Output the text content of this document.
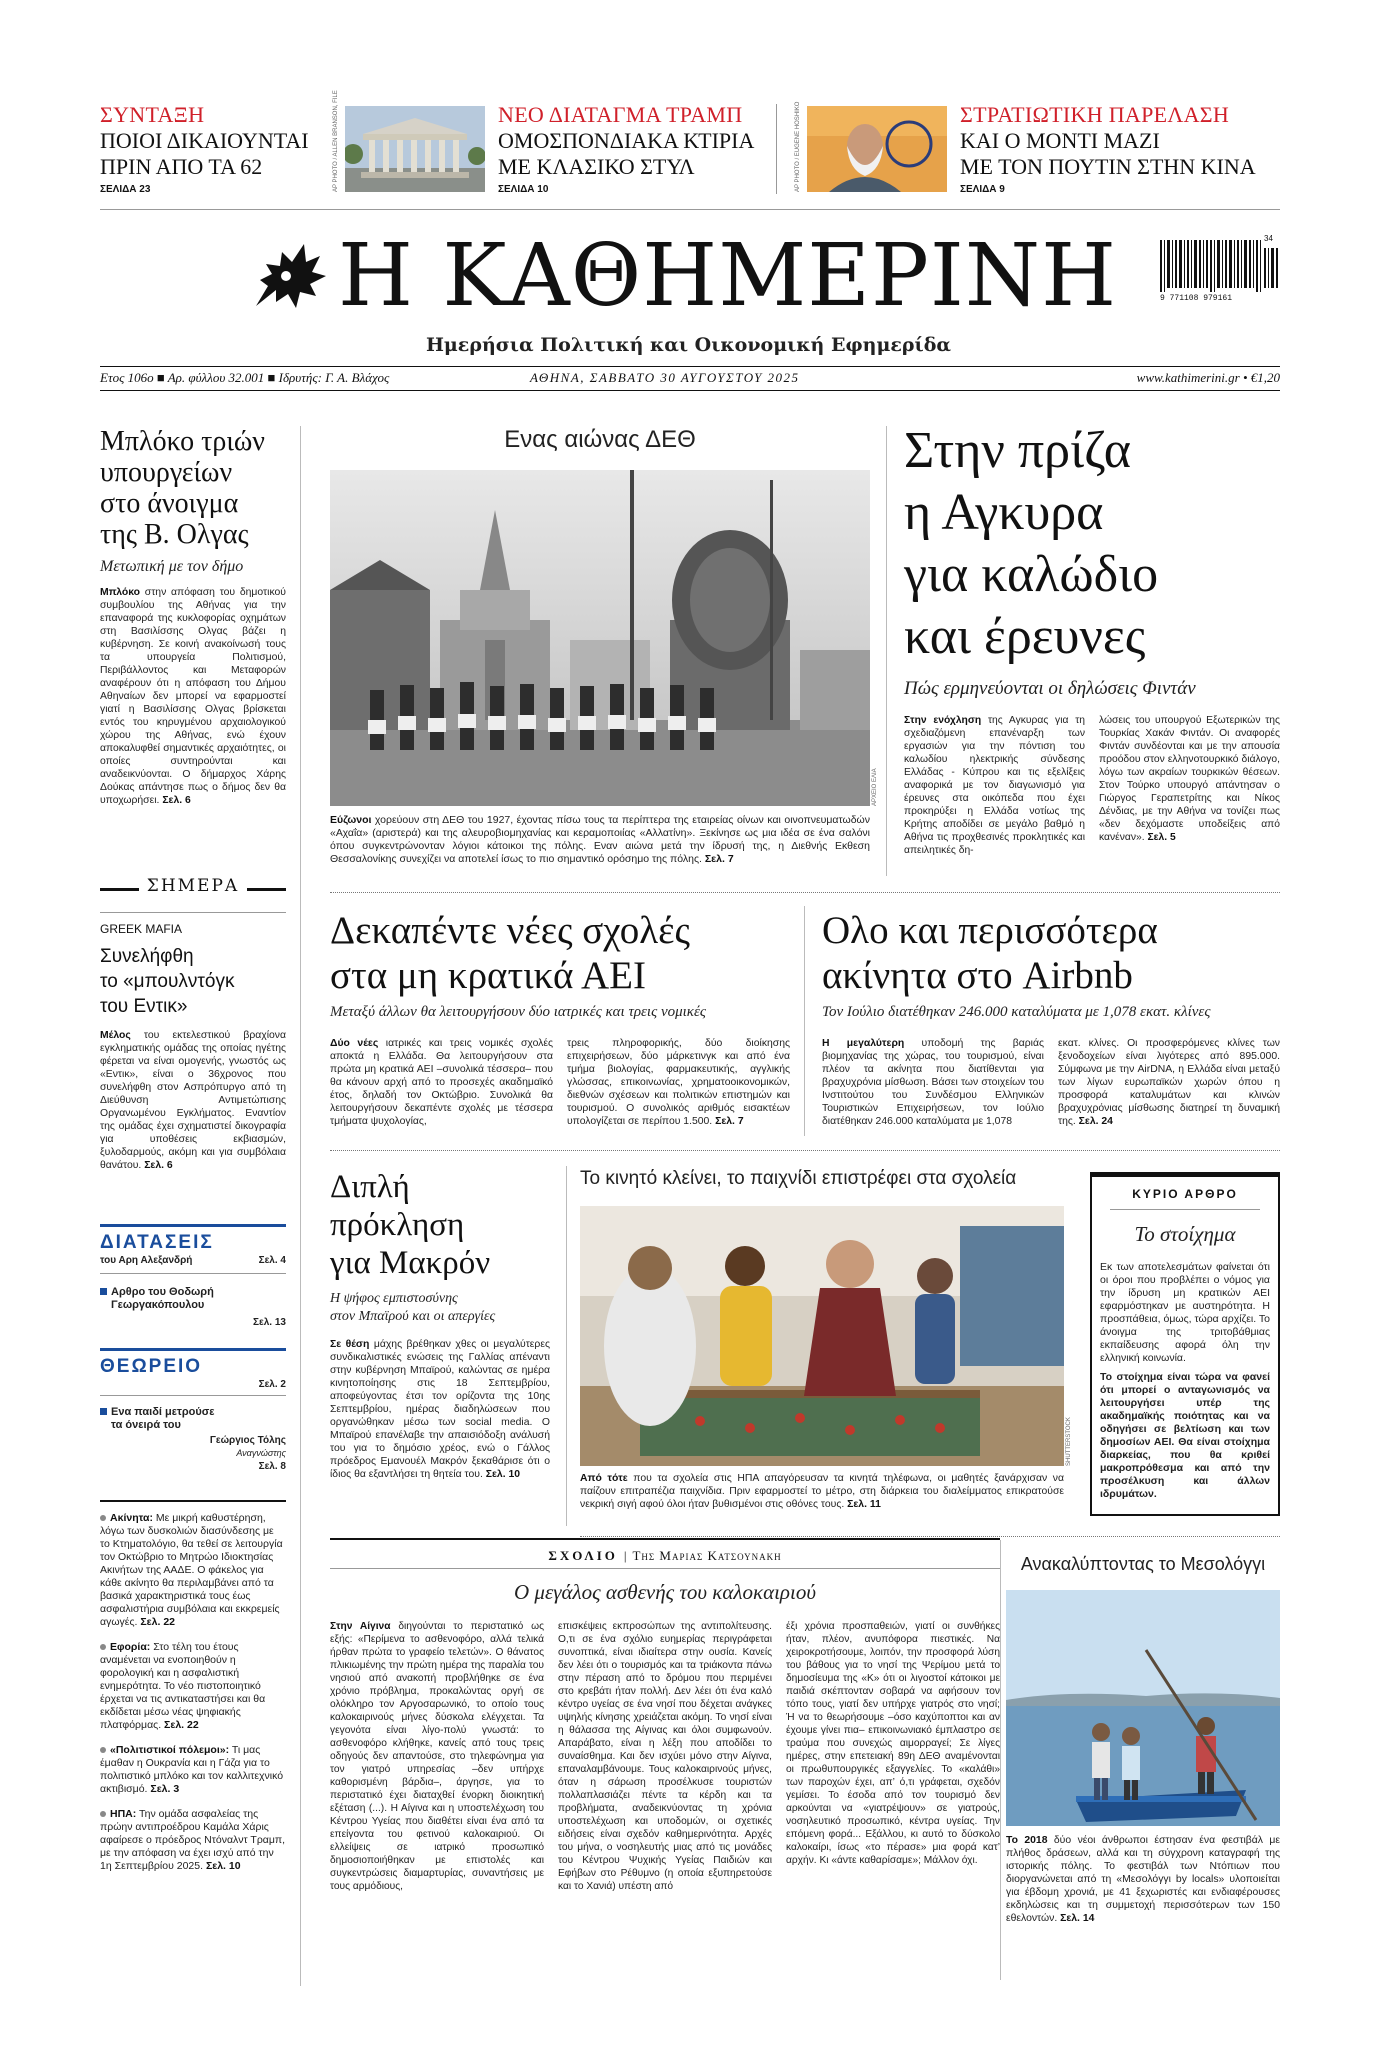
ΣΥΝΤΑΞΗ
ΠΟΙΟΙ ΔΙΚΑΙΟΥΝΤΑΙ
ΠΡΙΝ ΑΠΟ ΤΑ 62
ΣΕΛΙΔΑ 23	AP PHOTO / ALLEN BRANSON, FILE	ΝΕΟ ΔΙΑΤΑΓΜΑ ΤΡΑΜΠ
ΟΜΟΣΠΟΝΔΙΑΚΑ ΚΤΙΡΙΑ
ΜΕ ΚΛΑΣΙΚΟ ΣΤΥΛ
ΣΕΛΙΔΑ 10	AP PHOTO / EUGENE HOSHIKO	ΣΤΡΑΤΙΩΤΙΚΗ ΠΑΡΕΛΑΣΗ
ΚΑΙ Ο ΜΟΝΤΙ ΜΑΖΙ
ΜΕ ΤΟΝ ΠΟΥΤΙΝ ΣΤΗΝ ΚΙΝΑ
ΣΕΛΙΔΑ 9
Η ΚΑΘΗΜΕΡΙΝΗ	34
9 771108 979161
Ημερήσια Πολιτική και Οικονομική Εφημερίδα
Ετος 106ο ■ Αρ. φύλλου 32.001 ■ Ιδρυτής: Γ. Α. Βλάχος	ΑΘΗΝΑ, ΣΑΒΒΑΤΟ 30 ΑΥΓΟΥΣΤΟΥ 2025	www.kathimerini.gr • €1,20
Μπλόκο τριών
υπουργείων
στο άνοιγμα
της Β. Ολγας
Μετωπική με τον δήμο
Μπλόκο στην απόφαση του δημοτικού συμβουλίου της Αθήνας για την επαναφορά της κυκλοφορίας οχημάτων στη Βασιλίσσης Ολγας βάζει η κυβέρνηση. Σε κοινή ανακοίνωσή τους τα υπουργεία Πολιτισμού, Περιβάλλοντος και Μεταφορών αναφέρουν ότι η απόφαση του Δήμου Αθηναίων δεν μπορεί να εφαρμοστεί γιατί η Βασιλίσσης Ολγας βρίσκεται εντός του κηρυγμένου αρχαιολογικού χώρου της Αθήνας, ενώ έχουν αποκαλυφθεί σημαντικές αρχαιότητες, οι οποίες συντηρούνται και αναδεικνύονται. Ο δήμαρχος Χάρης Δούκας απάντησε πως ο δήμος δεν θα υποχωρήσει. Σελ. 6
ΣΗΜΕΡΑ
GREEK MAFIA
Συνελήφθη
το «μπουλντόγκ
του Εντικ»
Μέλος του εκτελεστικού βραχίονα εγκληματικής ομάδας της οποίας ηγέτης φέρεται να είναι ομογενής, γνωστός ως «Εντικ», είναι ο 36χρονος που συνελήφθη στον Ασπρόπυργο από τη Διεύθυνση Αντιμετώπισης Οργανωμένου Εγκλήματος. Εναντίον της ομάδας έχει σχηματιστεί δικογραφία για υποθέσεις εκβιασμών, ξυλοδαρμούς, ακόμη και για συμβόλαια θανάτου. Σελ. 6
ΔΙΑΤΑΣΕΙΣ
του Αρη Αλεξανδρή	Σελ. 4
Αρθρο του Θοδωρή
Γεωργακόπουλου
Σελ. 13
ΘΕΩΡΕΙΟ
Σελ. 2
Ενα παιδί μετρούσε
τα όνειρά του
Γεώργιος Τόλης
Αναγνώστης
Σελ. 8
Ακίνητα: Με μικρή καθυστέρηση, λόγω των δυσκολιών διασύνδεσης με το Κτηματολόγιο, θα τεθεί σε λειτουργία τον Οκτώβριο το Μητρώο Ιδιοκτησίας Ακινήτων της ΑΑΔΕ. Ο φάκελος για κάθε ακίνητο θα περιλαμβάνει από τα βασικά χαρακτηριστικά τους έως ασφαλιστήρια συμβόλαια και εκκρεμείς αγωγές. Σελ. 22
Εφορία: Στο τέλη του έτους αναμένεται να ενοποιηθούν η φορολογική και η ασφαλιστική ενημερότητα. Το νέο πιστοποιητικό έρχεται να τις αντικαταστήσει και θα εκδίδεται μέσω νέας ψηφιακής πλατφόρμας. Σελ. 22
«Πολιτιστικοί πόλεμοι»: Τι μας έμαθαν η Ουκρανία και η Γάζα για το πολιτιστικό μπλόκο και τον καλλιτεχνικό ακτιβισμό. Σελ. 3
ΗΠΑ: Την ομάδα ασφαλείας της πρώην αντιπροέδρου Καμάλα Χάρις αφαίρεσε ο πρόεδρος Ντόναλντ Τραμπ, με την απόφαση να έχει ισχύ από την 1η Σεπτεμβρίου 2025. Σελ. 10
Ενας αιώνας ΔΕΘ
ΑΡΧΕΙΟ ΕΛΙΑ
Εύζωνοι χορεύουν στη ΔΕΘ του 1927, έχοντας πίσω τους τα περίπτερα της εταιρείας οίνων και οινοπνευματωδών «Αχαΐα» (αριστερά) και της αλευροβιομηχανίας και κεραμοποιίας «Αλλατίνη». Ξεκίνησε ως μια ιδέα σε ένα σαλόνι όπου συγκεντρώνονταν λόγιοι κάτοικοι της πόλης. Εναν αιώνα μετά την ίδρυσή της, η Διεθνής Εκθεση Θεσσαλονίκης συνεχίζει να αποτελεί ίσως το πιο σημαντικό ορόσημο της πόλης. Σελ. 7
Στην πρίζα
η Αγκυρα
για καλώδιο
και έρευνες
Πώς ερμηνεύονται οι δηλώσεις Φιντάν
Στην ενόχληση της Αγκυρας για τη σχεδιαζόμενη επανέναρξη των εργασιών για την πόντιση του καλωδίου ηλεκτρικής σύνδεσης Ελλάδας - Κύπρου και τις εξελίξεις αναφορικά με τον διαγωνισμό για έρευνες στα οικόπεδα που έχει προκηρύξει η Ελλάδα νοτίως της Κρήτης αποδίδει σε μεγάλο βαθμό η Αθήνα τις προχθεσινές προκλητικές και απειλητικές δη-
λώσεις του υπουργού Εξωτερικών της Τουρκίας Χακάν Φιντάν. Οι αναφορές Φιντάν συνδέονται και με την απουσία προόδου στον ελληνοτουρκικό διάλογο, λόγω των ακραίων τουρκικών θέσεων. Στον Τούρκο υπουργό απάντησαν ο Γιώργος Γεραπετρίτης και Νίκος Δένδιας, με την Αθήνα να τονίζει πως «δεν δεχόμαστε υποδείξεις από κανέναν». Σελ. 5
Δεκαπέντε νέες σχολές
στα μη κρατικά ΑΕΙ
Μεταξύ άλλων θα λειτουργήσουν δύο ιατρικές και τρεις νομικές
Δύο νέες ιατρικές και τρεις νομικές σχολές αποκτά η Ελλάδα. Θα λειτουργήσουν στα πρώτα μη κρατικά ΑΕΙ –συνολικά τέσσερα– που θα κάνουν αρχή από το προσεχές ακαδημαϊκό έτος, δηλαδή τον Οκτώβριο. Συνολικά θα λειτουργήσουν δεκαπέντε σχολές με τέσσερα τμήματα ψυχολογίας,
τρεις πληροφορικής, δύο διοίκησης επιχειρήσεων, δύο μάρκετινγκ και από ένα τμήμα βιολογίας, φαρμακευτικής, αγγλικής γλώσσας, επικοινωνίας, χρηματοοικονομικών, διεθνών σχέσεων και πολιτικών επιστημών και τουρισμού. Ο συνολικός αριθμός εισακτέων υπολογίζεται σε περίπου 1.500. Σελ. 7
Ολο και περισσότερα
ακίνητα στο Airbnb
Τον Ιούλιο διατέθηκαν 246.000 καταλύματα με 1,078 εκατ. κλίνες
Η μεγαλύτερη υποδομή της βαριάς βιομηχανίας της χώρας, του τουρισμού, είναι πλέον τα ακίνητα που διατίθενται για βραχυχρόνια μίσθωση. Βάσει των στοιχείων του Ινστιτούτου του Συνδέσμου Ελληνικών Τουριστικών Επιχειρήσεων, τον Ιούλιο διατέθηκαν 246.000 καταλύματα με 1,078
εκατ. κλίνες. Οι προσφερόμενες κλίνες των ξενοδοχείων είναι λιγότερες από 895.000. Σύμφωνα με την AirDNA, η Ελλάδα είναι μεταξύ των λίγων ευρωπαϊκών χωρών όπου η προσφορά καταλυμάτων και κλινών βραχυχρόνιας μίσθωσης διατηρεί τη δυναμική της. Σελ. 24
Διπλή
πρόκληση
για Μακρόν
Η ψήφος εμπιστοσύνης
στον Μπαϊρού και οι απεργίες
Σε θέση μάχης βρέθηκαν χθες οι μεγαλύτερες συνδικαλιστικές ενώσεις της Γαλλίας απέναντι στην κυβέρνηση Μπαϊρού, καλώντας σε ημέρα κινητοποίησης στις 18 Σεπτεμβρίου, αποφεύγοντας έτσι τον ορίζοντα της 10ης Σεπτεμβρίου, ημέρας διαδηλώσεων που οργανώθηκαν μέσω των social media. Ο Μπαϊρού επανέλαβε την απαισιόδοξη ανάλυσή του για το δημόσιο χρέος, ενώ ο Γάλλος πρόεδρος Εμανουέλ Μακρόν ξεκαθάρισε ότι ο ίδιος θα εξαντλήσει τη θητεία του. Σελ. 10
Το κινητό κλείνει, το παιχνίδι επιστρέφει στα σχολεία
SHUTTERSTOCK
Από τότε που τα σχολεία στις ΗΠΑ απαγόρευσαν τα κινητά τηλέφωνα, οι μαθητές ξανάρχισαν να παίζουν επιτραπέζια παιχνίδια. Πριν εφαρμοστεί το μέτρο, στη διάρκεια του διαλείμματος επικρατούσε νεκρική σιγή αφού όλοι ήταν βυθισμένοι στις οθόνες τους. Σελ. 11
ΚΥΡΙΟ ΑΡΘΡΟ
Το στοίχημα
Εκ των αποτελεσμάτων φαίνεται ότι οι όροι που προβλέπει ο νόμος για την ίδρυση μη κρατικών ΑΕΙ εφαρμόστηκαν με αυστηρότητα. Η προσπάθεια, όμως, τώρα αρχίζει. Το άνοιγμα της τριτοβάθμιας εκπαίδευσης αφορά όλη την ελληνική κοινωνία.
Το στοίχημα είναι τώρα να φανεί ότι μπορεί ο ανταγωνισμός να λειτουργήσει υπέρ της ακαδημαϊκής ποιότητας και να οδηγήσει σε βελτίωση και των δημοσίων ΑΕΙ. Θα είναι στοίχημα διαρκείας, που θα κριθεί μακροπρόθεσμα και από την προσέλκυση και άλλων ιδρυμάτων.
ΣΧΟΛΙΟ | Της Μαριας Κατσουνακη
Ο μεγάλος ασθενής του καλοκαιριού
Στην Αίγινα διηγούνται το περιστατικό ως εξής: «Περίμενα το ασθενοφόρο, αλλά τελικά ήρθαν πρώτα το γραφείο τελετών». Ο θάνατος πλικιωμένης την πρώτη ημέρα της παραλία του νησιού από ανακοπή προβλήθηκε σε ένα χρόνιο πρόβλημα, προκαλώντας οργή σε ολόκληρο τον Αργοσαρωνικό, το οποίο τους καλοκαιρινούς μήνες δύσκολα ελέγχεται. Τα γεγονότα είναι λίγο-πολύ γνωστά: το ασθενοφόρο κλήθηκε, κανείς από τους τρεις οδηγούς δεν απαντούσε, στο τηλεφώνημα για τον γιατρό υπηρεσίας –δεν υπήρχε καθορισμένη βάρδια–, άργησε, για το περιστατικό έχει διαταχθεί ένορκη διοικητική εξέταση (...). Η Αίγινα και η υποστελέχωση του Κέντρου Υγείας που διαθέτει είναι ένα από τα επείγοντα του φετινού καλοκαιριού. Οι ελλείψεις σε ιατρικό προσωπικό δημοσιοποιήθηκαν με επιστολές και συγκεντρώσεις διαμαρτυρίας, συναντήσεις με τους αρμόδιους,
επισκέψεις εκπροσώπων της αντιπολίτευσης. Ο,τι σε ένα σχόλιο ευημερίας περιγράφεται συνοπτικά, είναι ιδιαίτερα στην ουσία. Κανείς δεν λέει ότι ο τουρισμός και τα τριάκοντα πάνω στην πέραση από το δρόμου που περιμένει στο κρεβάτι ήταν πολλή. Δεν λέει ότι ένα καλό κέντρο υγείας σε ένα νησί που δέχεται ανάγκες υψηλής κίνησης χρειάζεται ακόμη. Το νησί είναι η θάλασσα της Αίγινας και όλοι συμφωνούν. Απαράβατο, είναι η λέξη που αποδίδει το συναίσθημα. Και δεν ισχύει μόνο στην Αίγινα, επαναλαμβάνουμε. Τους καλοκαιρινούς μήνες, όταν η σάρωση προσέλκυσε τουριστών πολλαπλασιάζει πέντε τα κέρδη και τα προβλήματα, αναδεικνύοντας τη χρόνια υποστελέχωση και υποδομών, οι σχετικές ειδήσεις είναι σχεδόν καθημερινότητα. Αρχές του μήνα, ο νοσηλευτής μιας από τις μονάδες του Κέντρου Ψυχικής Υγείας Παιδιών και Εφήβων στο Ρέθυμνο (η οποία εξυπηρετούσε και το Χανιά) υπέστη από
έξι χρόνια προσπαθειών, γιατί οι συνθήκες ήταν, πλέον, ανυπόφορα πιεστικές. Να χειροκροτήσουμε, λοιπόν, την προσφορά λύση του βάθους για το νησί της Ψερίμου μετά το δημοσίευμα της «Κ» ότι οι λιγοστοί κάτοικοι με παιδιά σκέπτονταν σοβαρά να αφήσουν τον τόπο τους, γιατί δεν υπήρχε γιατρός στο νησί; Ή να το θεωρήσουμε –όσο καχύποπτοι και αν έχουμε γίνει πια– επικοινωνιακό έμπλαστρο σε τραύμα που συνεχώς αιμορραγεί; Σε λίγες ημέρες, στην επετειακή 89η ΔΕΘ αναμένονται οι πρωθυπουργικές εξαγγελίες. Το «καλάθι» των παροχών έχει, απ’ ό,τι γράφεται, σχεδόν γεμίσει. Το έσοδα από τον τουρισμό δεν αρκούνται να «γιατρέψουν» σε γιατρούς, νοσηλευτικό προσωπικό, κέντρα υγείας. Την επόμενη φορά... Εξάλλου, κι αυτό το δύσκολο καλοκαίρι, ίσως «το πέρασε» μια φορά κατ’ αρχήν. Κι «άντε καθαρίσαμε»; Μάλλον όχι.
Ανακαλύπτοντας το Μεσολόγγι
Το 2018 δύο νέοι άνθρωποι έστησαν ένα φεστιβάλ με πλήθος δράσεων, αλλά και τη σύγχρονη καταγραφή της ιστορικής πόλης. Το φεστιβάλ των Ντόπιων που διοργανώνεται από τη «Μεσολόγγι by locals» υλοποιείται για έβδομη χρονιά, με 41 ξεχωριστές και ενδιαφέρουσες εκδηλώσεις και τη συμμετοχή περισσότερων των 150 εθελοντών. Σελ. 14
